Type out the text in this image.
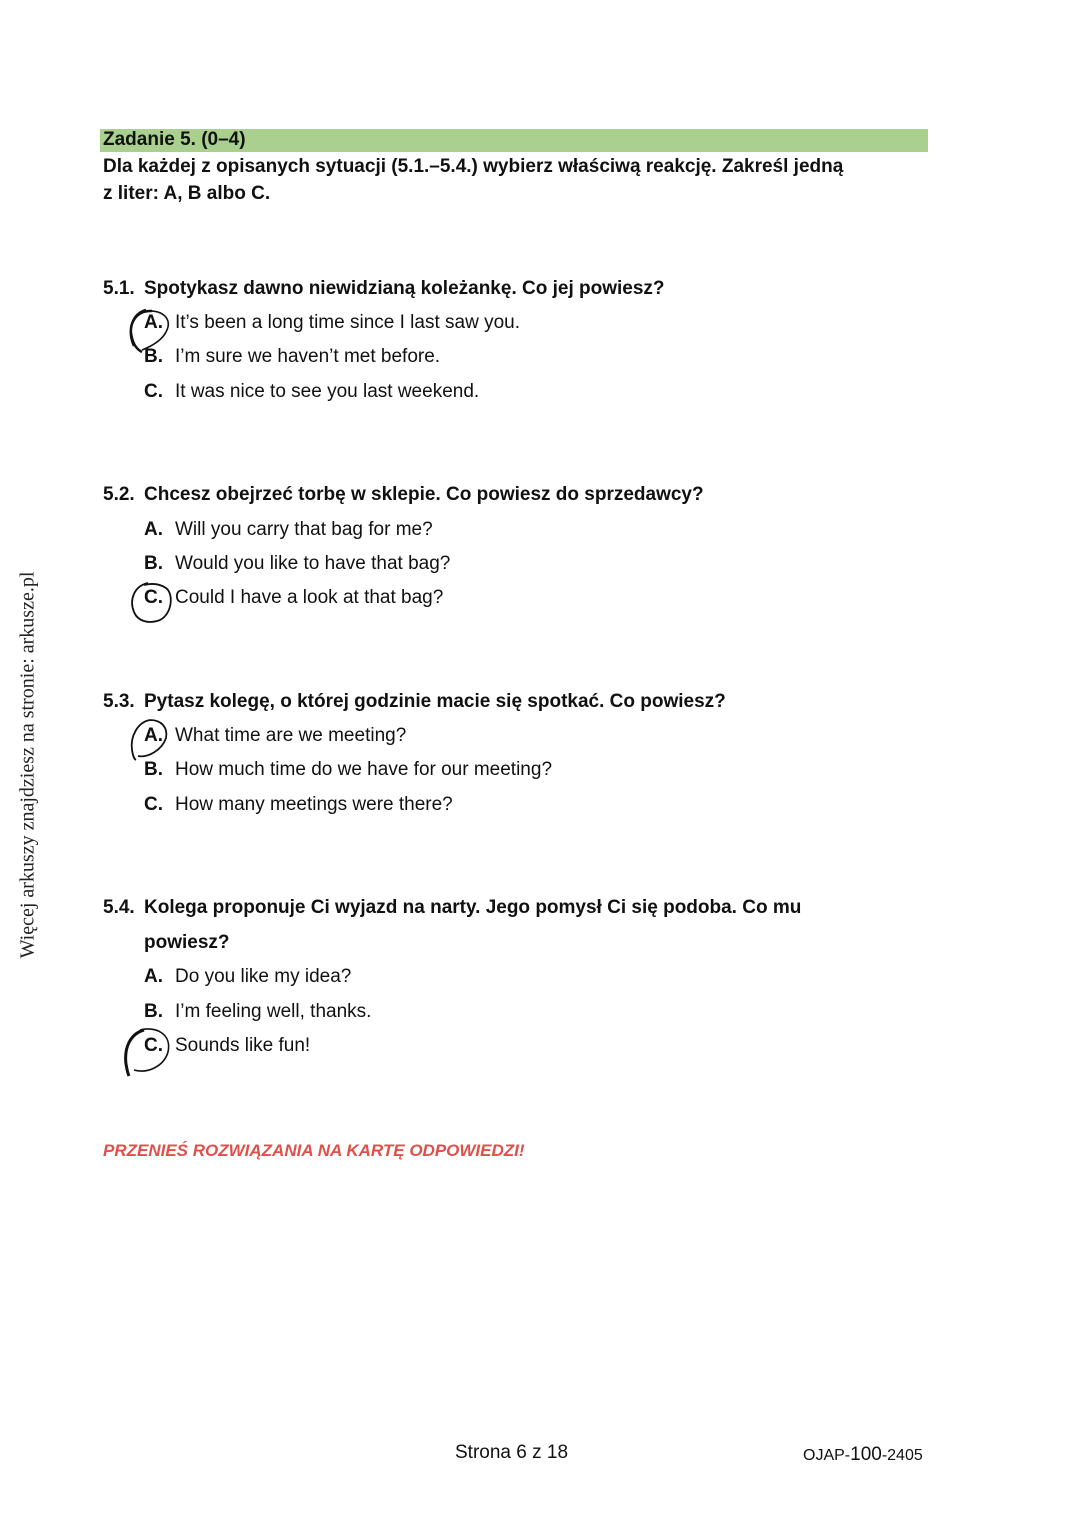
Więcej arkuszy znajdziesz na stronie: arkusze.pl
Zadanie 5. (0–4)
Dla każdej z opisanych sytuacji (5.1.–5.4.) wybierz właściwą reakcję. Zakreśl jedną
z liter: A, B albo C.
5.1. Spotykasz dawno niewidzianą koleżankę. Co jej powiesz?
A. It’s been a long time since I last saw you.
B. I’m sure we haven’t met before.
C. It was nice to see you last weekend.
5.2. Chcesz obejrzeć torbę w sklepie. Co powiesz do sprzedawcy?
A. Will you carry that bag for me?
B. Would you like to have that bag?
C. Could I have a look at that bag?
5.3. Pytasz kolegę, o której godzinie macie się spotkać. Co powiesz?
A. What time are we meeting?
B. How much time do we have for our meeting?
C. How many meetings were there?
5.4. Kolega proponuje Ci wyjazd na narty. Jego pomysł Ci się podoba. Co mu
powiesz?
A. Do you like my idea?
B. I’m feeling well, thanks.
C. Sounds like fun!
PRZENIEŚ ROZWIĄZANIA NA KARTĘ ODPOWIEDZI!
Strona 6 z 18	OJAP-100-2405
